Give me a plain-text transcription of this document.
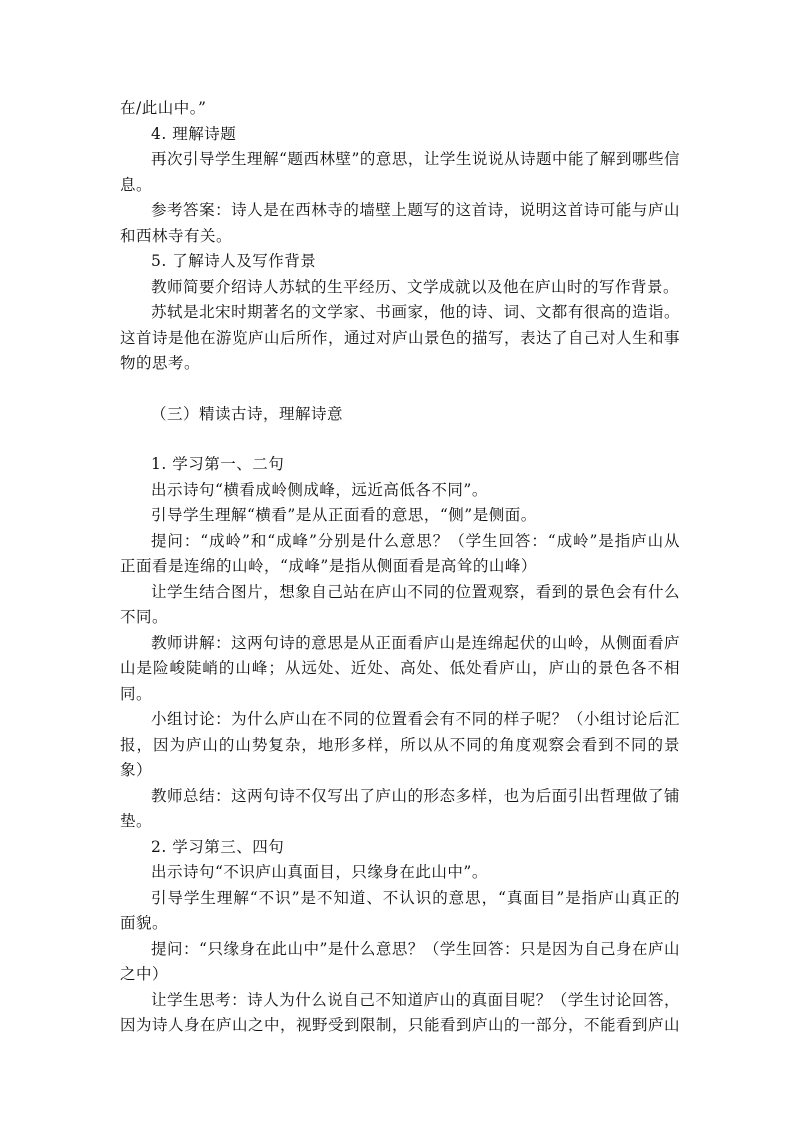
在/此山中。”

4. 理解诗题

再次引导学生理解“题西林壁”的意思，让学生说说从诗题中能了解到哪些信息。

参考答案：诗人是在西林寺的墙壁上题写的这首诗，说明这首诗可能与庐山和西林寺有关。

5. 了解诗人及写作背景

教师简要介绍诗人苏轼的生平经历、文学成就以及他在庐山时的写作背景。

苏轼是北宋时期著名的文学家、书画家，他的诗、词、文都有很高的造诣。这首诗是他在游览庐山后所作，通过对庐山景色的描写，表达了自己对人生和事物的思考。

（三）精读古诗，理解诗意

1. 学习第一、二句

出示诗句“横看成岭侧成峰，远近高低各不同”。

引导学生理解“横看”是从正面看的意思，“侧”是侧面。

提问：“成岭”和“成峰”分别是什么意思？（学生回答：“成岭”是指庐山从正面看是连绵的山岭，“成峰”是指从侧面看是高耸的山峰）

让学生结合图片，想象自己站在庐山不同的位置观察，看到的景色会有什么不同。

教师讲解：这两句诗的意思是从正面看庐山是连绵起伏的山岭，从侧面看庐山是险峻陡峭的山峰；从远处、近处、高处、低处看庐山，庐山的景色各不相同。

小组讨论：为什么庐山在不同的位置看会有不同的样子呢？（小组讨论后汇报，因为庐山的山势复杂，地形多样，所以从不同的角度观察会看到不同的景象）

教师总结：这两句诗不仅写出了庐山的形态多样，也为后面引出哲理做了铺垫。

2. 学习第三、四句

出示诗句“不识庐山真面目，只缘身在此山中”。

引导学生理解“不识”是不知道、不认识的意思，“真面目”是指庐山真正的面貌。

提问：“只缘身在此山中”是什么意思？（学生回答：只是因为自己身在庐山之中）

让学生思考：诗人为什么说自己不知道庐山的真面目呢？（学生讨论回答，因为诗人身在庐山之中，视野受到限制，只能看到庐山的一部分，不能看到庐山
